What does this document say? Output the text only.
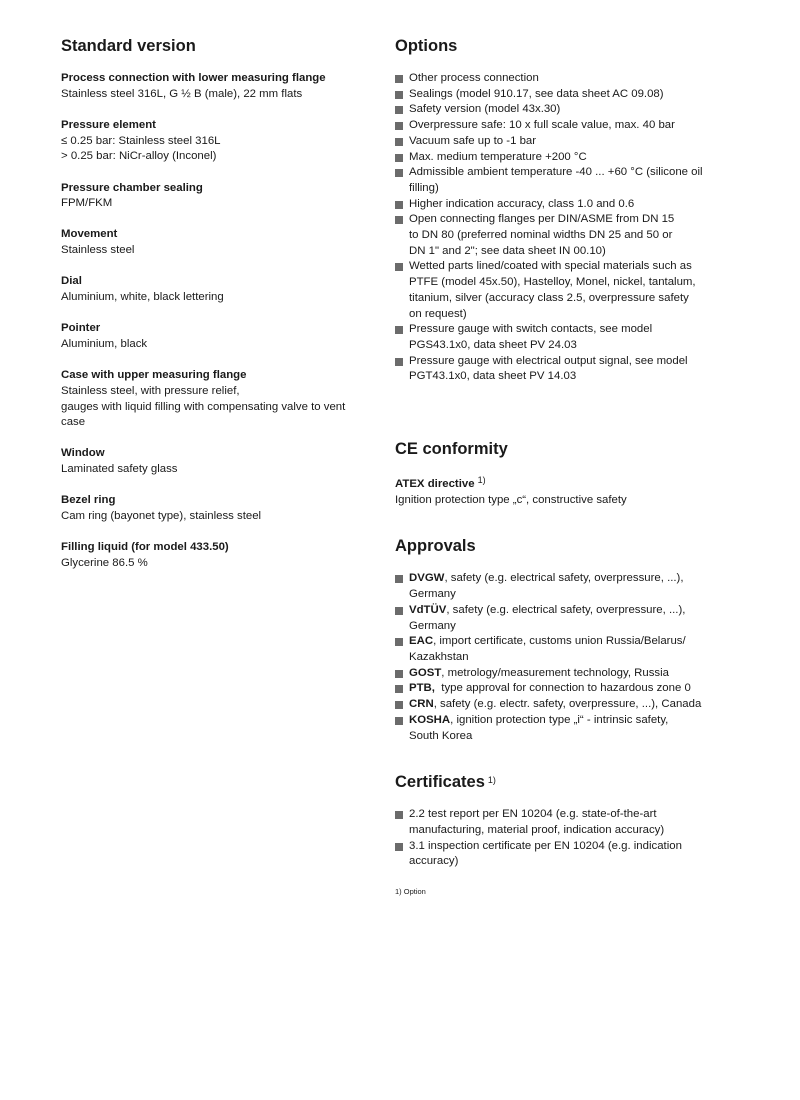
Standard version
Process connection with lower measuring flange
Stainless steel 316L, G ½ B (male), 22 mm flats
Pressure element
≤ 0.25 bar: Stainless steel 316L
> 0.25 bar: NiCr-alloy (Inconel)
Pressure chamber sealing
FPM/FKM
Movement
Stainless steel
Dial
Aluminium, white, black lettering
Pointer
Aluminium, black
Case with upper measuring flange
Stainless steel, with pressure relief,
gauges with liquid filling with compensating valve to vent
case
Window
Laminated safety glass
Bezel ring
Cam ring (bayonet type), stainless steel
Filling liquid (for model 433.50)
Glycerine 86.5 %
Options
Other process connection
Sealings (model 910.17, see data sheet AC 09.08)
Safety version (model 43x.30)
Overpressure safe: 10 x full scale value, max. 40 bar
Vacuum safe up to -1 bar
Max. medium temperature +200 °C
Admissible ambient temperature -40 ... +60 °C (silicone oil
filling)
Higher indication accuracy, class 1.0 and 0.6
Open connecting flanges per DIN/ASME from DN 15
to DN 80 (preferred nominal widths DN 25 and 50 or
DN 1" and 2"; see data sheet IN 00.10)
Wetted parts lined/coated with special materials such as
PTFE (model 45x.50), Hastelloy, Monel, nickel, tantalum,
titanium, silver (accuracy class 2.5, overpressure safety
on request)
Pressure gauge with switch contacts, see model
PGS43.1x0, data sheet PV 24.03
Pressure gauge with electrical output signal, see model
PGT43.1x0, data sheet PV 14.03
CE conformity
ATEX directive $^{1)}$
Ignition protection type „c“, constructive safety
Approvals
DVGW, safety (e.g. electrical safety, overpressure, ...),
Germany
VdTÜV, safety (e.g. electrical safety, overpressure, ...),
Germany
EAC, import certificate, customs union Russia/Belarus/
Kazakhstan
GOST, metrology/measurement technology, Russia
PTB,  type approval for connection to hazardous zone 0
CRN, safety (e.g. electr. safety, overpressure, ...), Canada
KOSHA, ignition protection type „i“ - intrinsic safety,
South Korea
Certificates $^{1)}$
2.2 test report per EN 10204 (e.g. state-of-the-art
manufacturing, material proof, indication accuracy)
3.1 inspection certificate per EN 10204 (e.g. indication
accuracy)
1) Option
